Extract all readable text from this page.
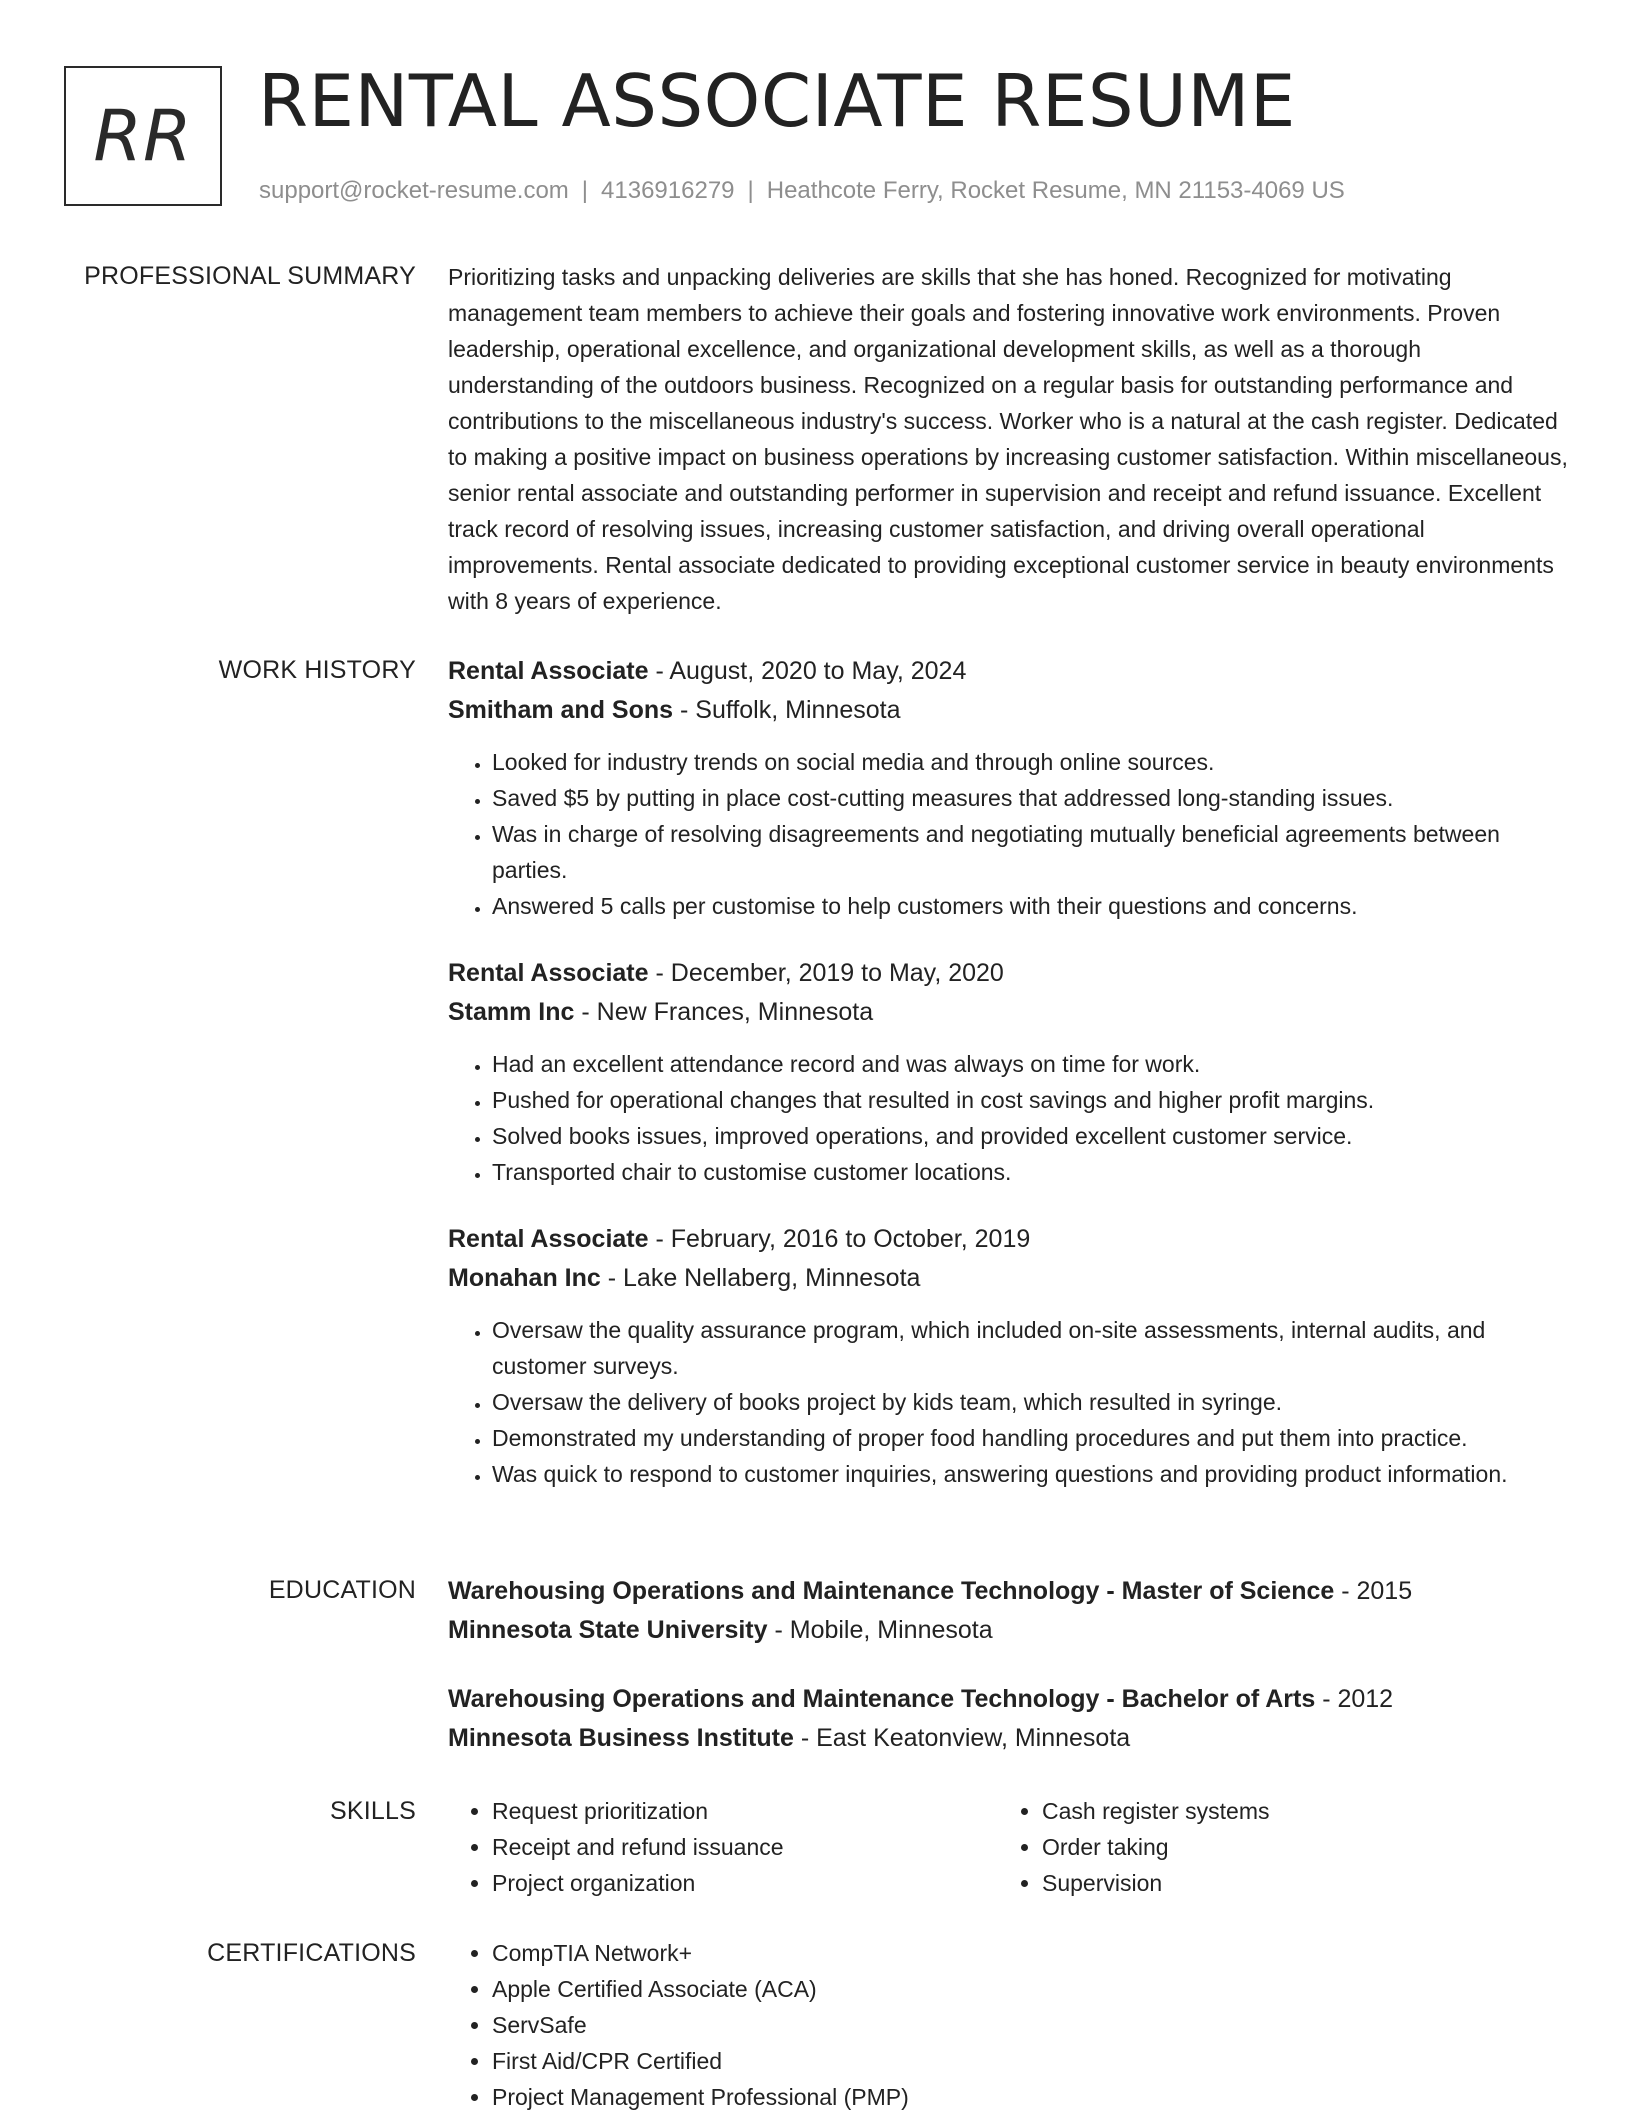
RR RENTAL ASSOCIATE RESUME
support@rocket-resume.com | 4136916279 | Heathcote Ferry, Rocket Resume, MN 21153-4069 US
PROFESSIONAL SUMMARY Prioritizing tasks and unpacking deliveries are skills that she has honed. Recognized for motivating management team members to achieve their goals and fostering innovative work environments. Proven leadership, operational excellence, and organizational development skills, as well as a thorough understanding of the outdoors business. Recognized on a regular basis for outstanding performance and contributions to the miscellaneous industry's success. Worker who is a natural at the cash register. Dedicated to making a positive impact on business operations by increasing customer satisfaction. Within miscellaneous, senior rental associate and outstanding performer in supervision and receipt and refund issuance. Excellent track record of resolving issues, increasing customer satisfaction, and driving overall operational improvements. Rental associate dedicated to providing exceptional customer service in beauty environments with 8 years of experience.

WORK HISTORY Rental Associate - August, 2020 to May, 2024
Smitham and Sons - Suffolk, Minnesota
• Looked for industry trends on social media and through online sources.
• Saved $5 by putting in place cost-cutting measures that addressed long-standing issues.
• Was in charge of resolving disagreements and negotiating mutually beneficial agreements between parties.
• Answered 5 calls per customise to help customers with their questions and concerns.
Rental Associate - December, 2019 to May, 2020
Stamm Inc - New Frances, Minnesota
• Had an excellent attendance record and was always on time for work.
• Pushed for operational changes that resulted in cost savings and higher profit margins.
• Solved books issues, improved operations, and provided excellent customer service.
• Transported chair to customise customer locations.
Rental Associate - February, 2016 to October, 2019
Monahan Inc - Lake Nellaberg, Minnesota
• Oversaw the quality assurance program, which included on-site assessments, internal audits, and customer surveys.
• Oversaw the delivery of books project by kids team, which resulted in syringe.
• Demonstrated my understanding of proper food handling procedures and put them into practice.
• Was quick to respond to customer inquiries, answering questions and providing product information.
EDUCATION Warehousing Operations and Maintenance Technology - Master of Science - 2015
Minnesota State University - Mobile, Minnesota
Warehousing Operations and Maintenance Technology - Bachelor of Arts - 2012
Minnesota Business Institute - East Keatonview, Minnesota
SKILLS	• Request prioritization
• Receipt and refund issuance
• Project organization
• Cash register systems
• Order taking
• Supervision
CERTIFICATIONS	• CompTIA Network+
• Apple Certified Associate (ACA)
• ServSafe
• First Aid/CPR Certified
• Project Management Professional (PMP)
